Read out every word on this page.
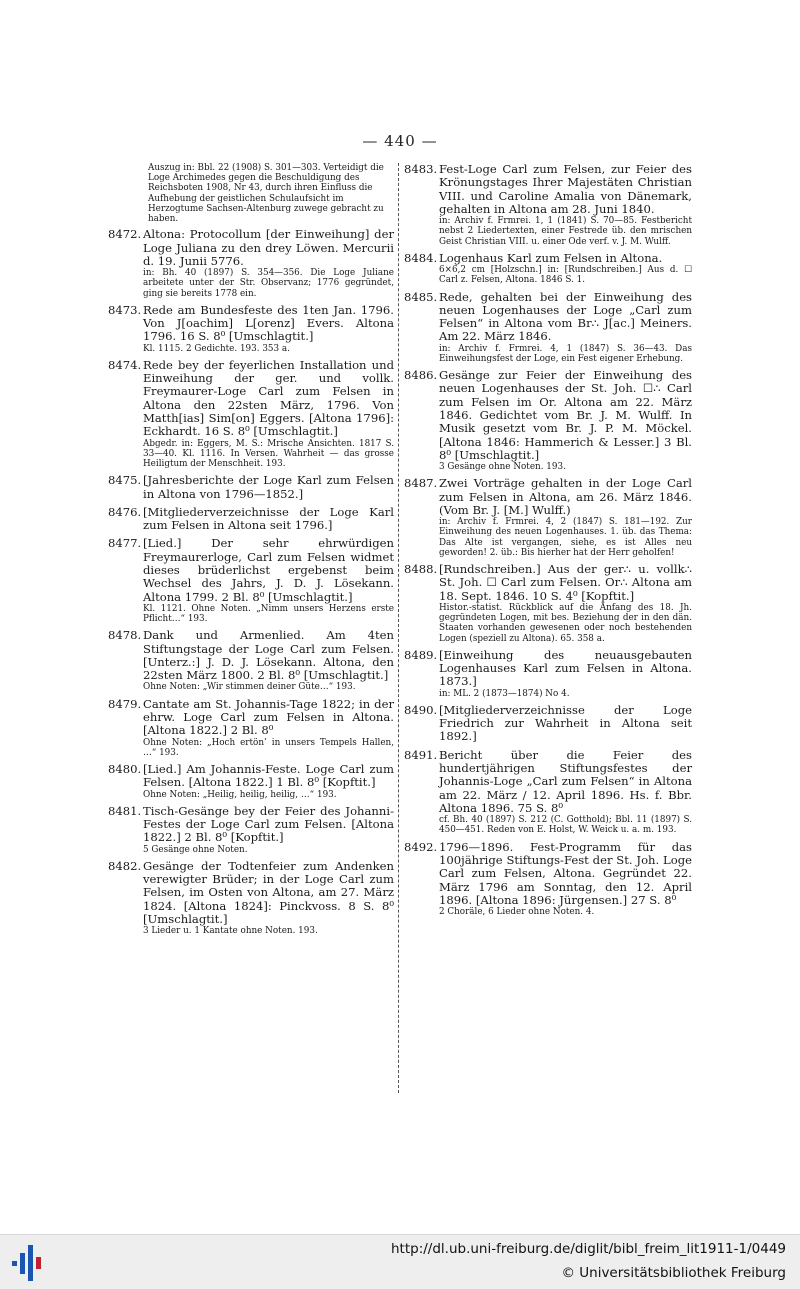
— 440 —
Auszug in: Bbl. 22 (1908) S. 301—303. Verteidigt die Loge Archimedes gegen die Beschuldigung des Reichsboten 1908, Nr 43, durch ihren Einfluss die Aufhebung der geistlichen Schulaufsicht im Herzogtume Sachsen-Altenburg zuwege gebracht zu haben.
8472. Altona: Protocollum [der Einweihung] der Loge Juliana zu den drey Löwen. Mercurii d. 19. Junii 5776.
in: Bh. 40 (1897) S. 354—356. Die Loge Juliane arbeitete unter der Str. Observanz; 1776 gegründet, ging sie bereits 1778 ein.
8473. Rede am Bundesfeste des 1ten Jan. 1796. Von J[oachim] L[orenz] Evers. Altona 1796. 16 S. 8⁰ [Umschlagtit.]
Kl. 1115. 2 Gedichte. 193. 353 a.
8474. Rede bey der feyerlichen Installation und Einweihung der ger. und vollk. Freymaurer-Loge Carl zum Felsen in Altona den 22sten März, 1796. Von Matth[ias] Sim[on] Eggers. [Altona 1796]: Eckhardt. 16 S. 8⁰ [Umschlagtit.]
Abgedr. in: Eggers, M. S.: Mrische Ansichten. 1817 S. 33—40. Kl. 1116. In Versen. Wahrheit — das grosse Heiligtum der Menschheit. 193.
8475. [Jahresberichte der Loge Karl zum Felsen in Altona von 1796—1852.]
8476. [Mitgliederverzeichnisse der Loge Karl zum Felsen in Altona seit 1796.]
8477. [Lied.] Der sehr ehrwürdigen Freymaurerloge, Carl zum Felsen widmet dieses brüderlichst ergebenst beim Wechsel des Jahrs, J. D. J. Lösekann. Altona 1799. 2 Bl. 8⁰ [Umschlagtit.]
Kl. 1121. Ohne Noten. „Nimm unsers Herzens erste Pflicht…“ 193.
8478. Dank und Armenlied. Am 4ten Stiftungstage der Loge Carl zum Felsen. [Unterz.:] J. D. J. Lösekann. Altona, den 22sten März 1800. 2 Bl. 8⁰ [Umschlagtit.]
Ohne Noten: „Wir stimmen deiner Güte…“ 193.
8479. Cantate am St. Johannis-Tage 1822; in der ehrw. Loge Carl zum Felsen in Altona. [Altona 1822.] 2 Bl. 8⁰
Ohne Noten: „Hoch ertön’ in unsers Tempels Hallen, …“ 193.
8480. [Lied.] Am Johannis-Feste. Loge Carl zum Felsen. [Altona 1822.] 1 Bl. 8⁰ [Kopftit.]
Ohne Noten: „Heilig, heilig, heilig, …“ 193.
8481. Tisch-Gesänge bey der Feier des Johanni-Festes der Loge Carl zum Felsen. [Altona 1822.] 2 Bl. 8⁰ [Kopftit.]
5 Gesänge ohne Noten.
8482. Gesänge der Todtenfeier zum Andenken verewigter Brüder; in der Loge Carl zum Felsen, im Osten von Altona, am 27. März 1824. [Altona 1824]: Pinckvoss. 8 S. 8⁰ [Umschlagtit.]
3 Lieder u. 1 Kantate ohne Noten. 193.
8483. Fest-Loge Carl zum Felsen, zur Feier des Krönungstages Ihrer Majestäten Christian VIII. und Caroline Amalia von Dänemark, gehalten in Altona am 28. Juni 1840.
in: Archiv f. Frmrei. 1, 1 (1841) S. 70—85. Festbericht nebst 2 Liedertexten, einer Festrede üb. den mrischen Geist Christian VIII. u. einer Ode verf. v. J. M. Wulff.
8484. Logenhaus Karl zum Felsen in Altona.
6×6,2 cm [Holzschn.] in: [Rundschreiben.] Aus d. ☐ Carl z. Felsen, Altona. 1846 S. 1.
8485. Rede, gehalten bei der Einweihung des neuen Logenhauses der Loge „Carl zum Felsen“ in Altona vom Br∴ J[ac.] Meiners. Am 22. März 1846.
in: Archiv f. Frmrei. 4, 1 (1847) S. 36—43. Das Einweihungsfest der Loge, ein Fest eigener Erhebung.
8486. Gesänge zur Feier der Einweihung des neuen Logenhauses der St. Joh. ☐∴ Carl zum Felsen im Or. Altona am 22. März 1846. Gedichtet vom Br. J. M. Wulff. In Musik gesetzt vom Br. J. P. M. Möckel. [Altona 1846: Hammerich & Lesser.] 3 Bl. 8⁰ [Umschlagtit.]
3 Gesänge ohne Noten. 193.
8487. Zwei Vorträge gehalten in der Loge Carl zum Felsen in Altona, am 26. März 1846. (Vom Br. J. [M.] Wulff.)
in: Archiv f. Frmrei. 4, 2 (1847) S. 181—192. Zur Einweihung des neuen Logenhauses. 1. üb. das Thema: Das Alte ist vergangen, siehe, es ist Alles neu geworden! 2. üb.: Bis hierher hat der Herr geholfen!
8488. [Rundschreiben.] Aus der ger∴ u. vollk∴ St. Joh. ☐ Carl zum Felsen. Or∴ Altona am 18. Sept. 1846. 10 S. 4⁰ [Kopftit.]
Histor.-statist. Rückblick auf die Anfang des 18. Jh. gegründeten Logen, mit bes. Beziehung der in den dän. Staaten vorhanden gewesenen oder noch bestehenden Logen (speziell zu Altona). 65. 358 a.
8489. [Einweihung des neuausgebauten Logenhauses Karl zum Felsen in Altona. 1873.]
in: ML. 2 (1873—1874) No 4.
8490. [Mitgliederverzeichnisse der Loge Friedrich zur Wahrheit in Altona seit 1892.]
8491. Bericht über die Feier des hundertjährigen Stiftungsfestes der Johannis-Loge „Carl zum Felsen“ in Altona am 22. März / 12. April 1896. Hs. f. Bbr. Altona 1896. 75 S. 8⁰
cf. Bh. 40 (1897) S. 212 (C. Gotthold); Bbl. 11 (1897) S. 450—451. Reden von E. Holst, W. Weick u. a. m. 193.
8492. 1796—1896. Fest-Programm für das 100jährige Stiftungs-Fest der St. Joh. Loge Carl zum Felsen, Altona. Gegründet 22. März 1796 am Sonntag, den 12. April 1896. [Altona 1896: Jürgensen.] 27 S. 8⁰
2 Choräle, 6 Lieder ohne Noten. 4.
http://dl.ub.uni-freiburg.de/diglit/bibl_freim_lit1911-1/0449
© Universitätsbibliothek Freiburg
